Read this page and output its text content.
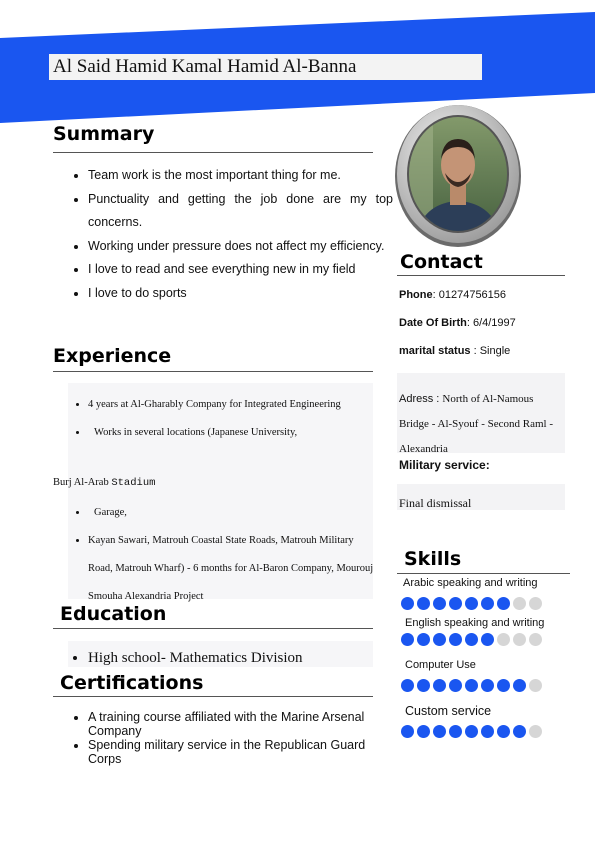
Al Said Hamid Kamal Hamid Al-Banna
Summary
• Team work is the most important thing for me.
• Punctuality and getting the job done are my top concerns.
• Working under pressure does not affect my efficiency.
• I love to read and see everything new in my field
• I love to do sports
Experience
• 4 years at Al-Gharably Company for Integrated Engineering
• Works in several locations (Japanese University,
Burj Al-Arab Stadium
• Garage,
• Kayan Sawari, Matrouh Coastal State Roads, Matrouh Military Road, Matrouh Wharf) - 6 months for Al-Baron Company, Mourouj Smouha Alexandria Project
Education
• High school- Mathematics Division
Certifications
• A training course affiliated with the Marine Arsenal Company
• Spending military service in the Republican Guard Corps
Contact
Phone: 01274756156
Date Of Birth: 6/4/1997
marital status : Single
Adress : North of Al-Namous Bridge - Al-Syouf - Second Raml - Alexandria
Military service:
Final dismissal
Skills
Arabic speaking and writing
English speaking and writing
Computer Use
Custom service
